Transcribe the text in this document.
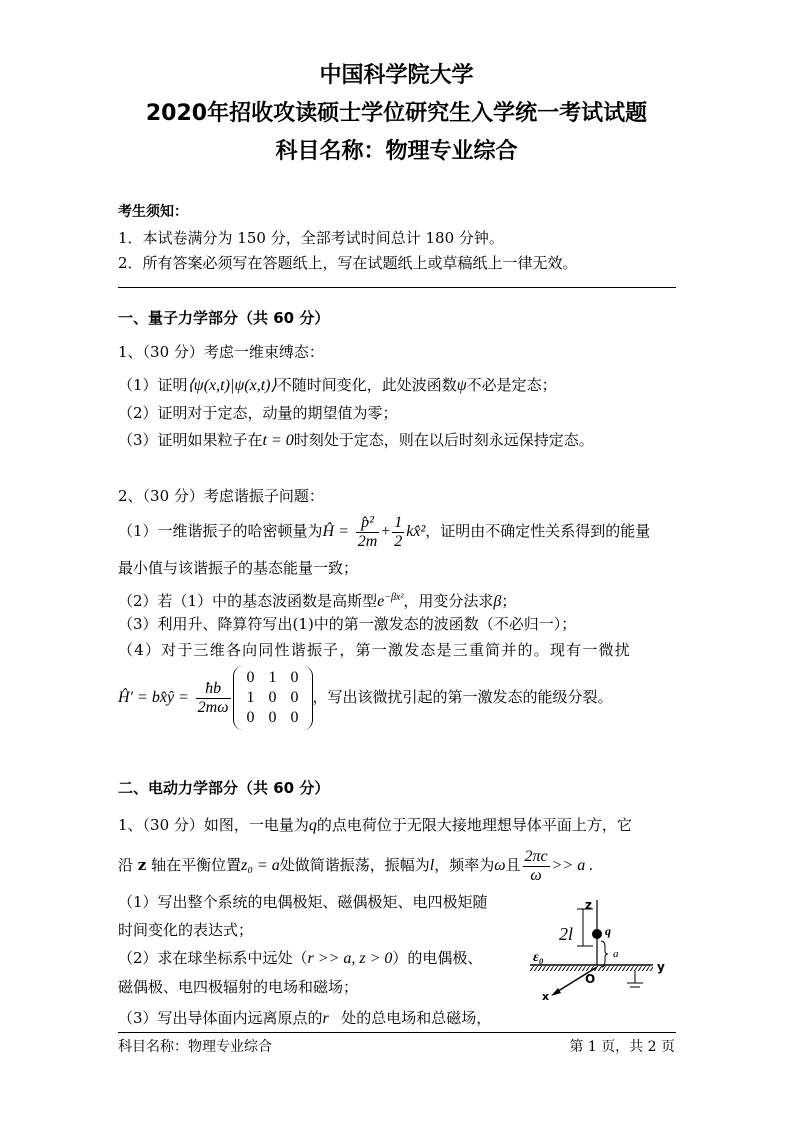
中国科学院大学
2020年招收攻读硕士学位研究生入学统一考试试题
科目名称：物理专业综合
考生须知：
1．本试卷满分为 150 分，全部考试时间总计 180 分钟。
2．所有答案必须写在答题纸上，写在试题纸上或草稿纸上一律无效。
一、量子力学部分（共 60 分）
1、（30 分）考虑一维束缚态：
（1）证明⟨ψ(x,t)|ψ(x,t)⟩不随时间变化，此处波函数ψ不必是定态；
（2）证明对于定态，动量的期望值为零；
（3）证明如果粒子在t = 0时刻处于定态，则在以后时刻永远保持定态。
2、（30 分）考虑谐振子问题：
（1）一维谐振子的哈密顿量为Ĥ = $\frac{\text{p̂²}}{2m} + \frac{1}{2}$ kx̂²，证明由不确定性关系得到的能量
最小值与该谐振子的基态能量一致；
（2）若（1）中的基态波函数是高斯型$e^{-\beta x^2}$，用变分法求β；
（3）利用升、降算符写出(1)中的第一激发态的波函数（不必归一）；
（4）对于三维各向同性谐振子，第一激发态是三重简并的。现有一微扰
Ĥ′ = bx̂ŷ = $\frac{ħb}{2m\omega}$
0 1 0
1 0 0
0 0 0
，写出该微扰引起的第一激发态的能级分裂。
二、电动力学部分（共 60 分）
1、（30 分）如图，一电量为q的点电荷位于无限大接地理想导体平面上方，它
沿 z 轴在平衡位置z₀ = a处做简谐振荡，振幅为l，频率为ω且 $\frac{2\pi c}{\omega} >> a$ .
（1）写出整个系统的电偶极矩、磁偶极矩、电四极矩随
时间变化的表达式；
（2）求在球坐标系中远处（r >> a, z > 0）的电偶极、
磁偶极、电四极辐射的电场和磁场；
（3）写出导体面内远离原点的r⃗处的总电场和总磁场，
z
y
x
O
q
a
2l
ε₀
科目名称：物理专业综合	第 1 页，共 2 页
